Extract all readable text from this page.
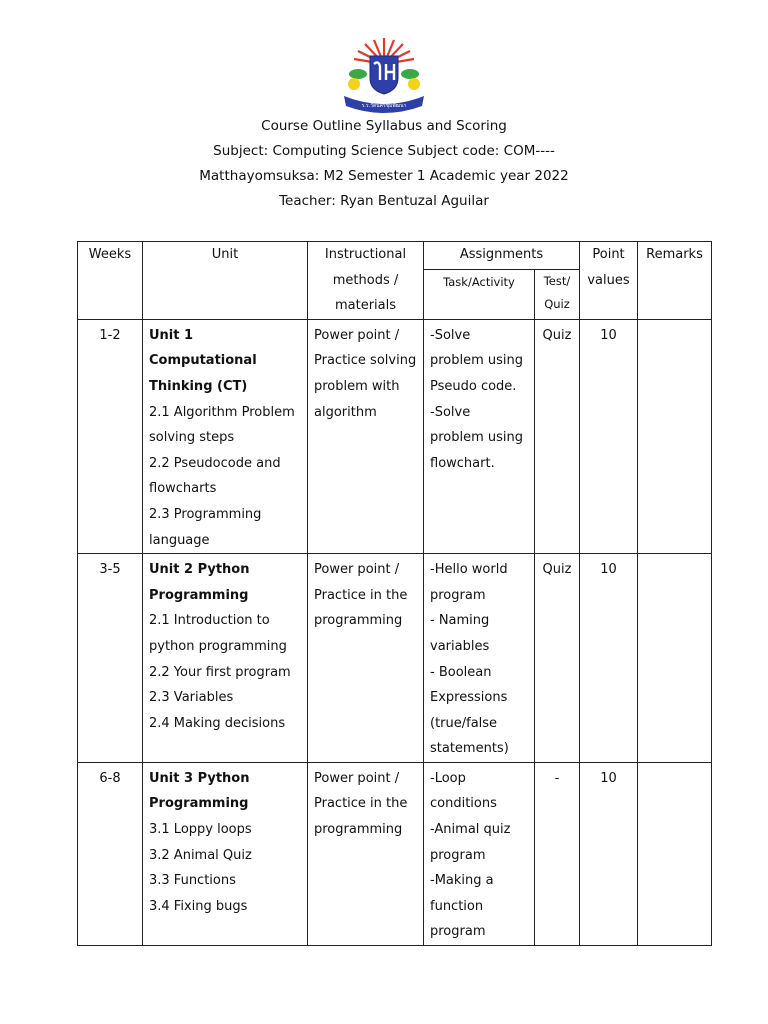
ร.ร.วัดนครชุมพัฒนา
Course Outline Syllabus and Scoring
Subject: Computing Science Subject code: COM----
Matthayomsuksa: M2 Semester 1 Academic year 2022
Teacher: Ryan Bentuzal Aguilar
Weeks	Unit	Instructional methods / materials	Assignments		Point values	Remarks
			Task/Activity	Test/ Quiz		
1-2	Unit 1 Computational Thinking (CT)
2.1 Algorithm Problem solving steps
2.2 Pseudocode and flowcharts
2.3 Programming language	Power point / Practice solving problem with algorithm	-Solve problem using Pseudo code.
-Solve problem using flowchart.	Quiz	10	
3-5	Unit 2 Python Programming
2.1 Introduction to python programming
2.2 Your first program
2.3 Variables
2.4 Making decisions	Power point / Practice in the programming	-Hello world program
- Naming variables
- Boolean Expressions (true/false statements)	Quiz	10	
6-8	Unit 3 Python Programming
3.1 Loppy loops
3.2 Animal Quiz
3.3 Functions
3.4 Fixing bugs	Power point / Practice in the programming	-Loop conditions
-Animal quiz program
-Making a function program	-	10	
